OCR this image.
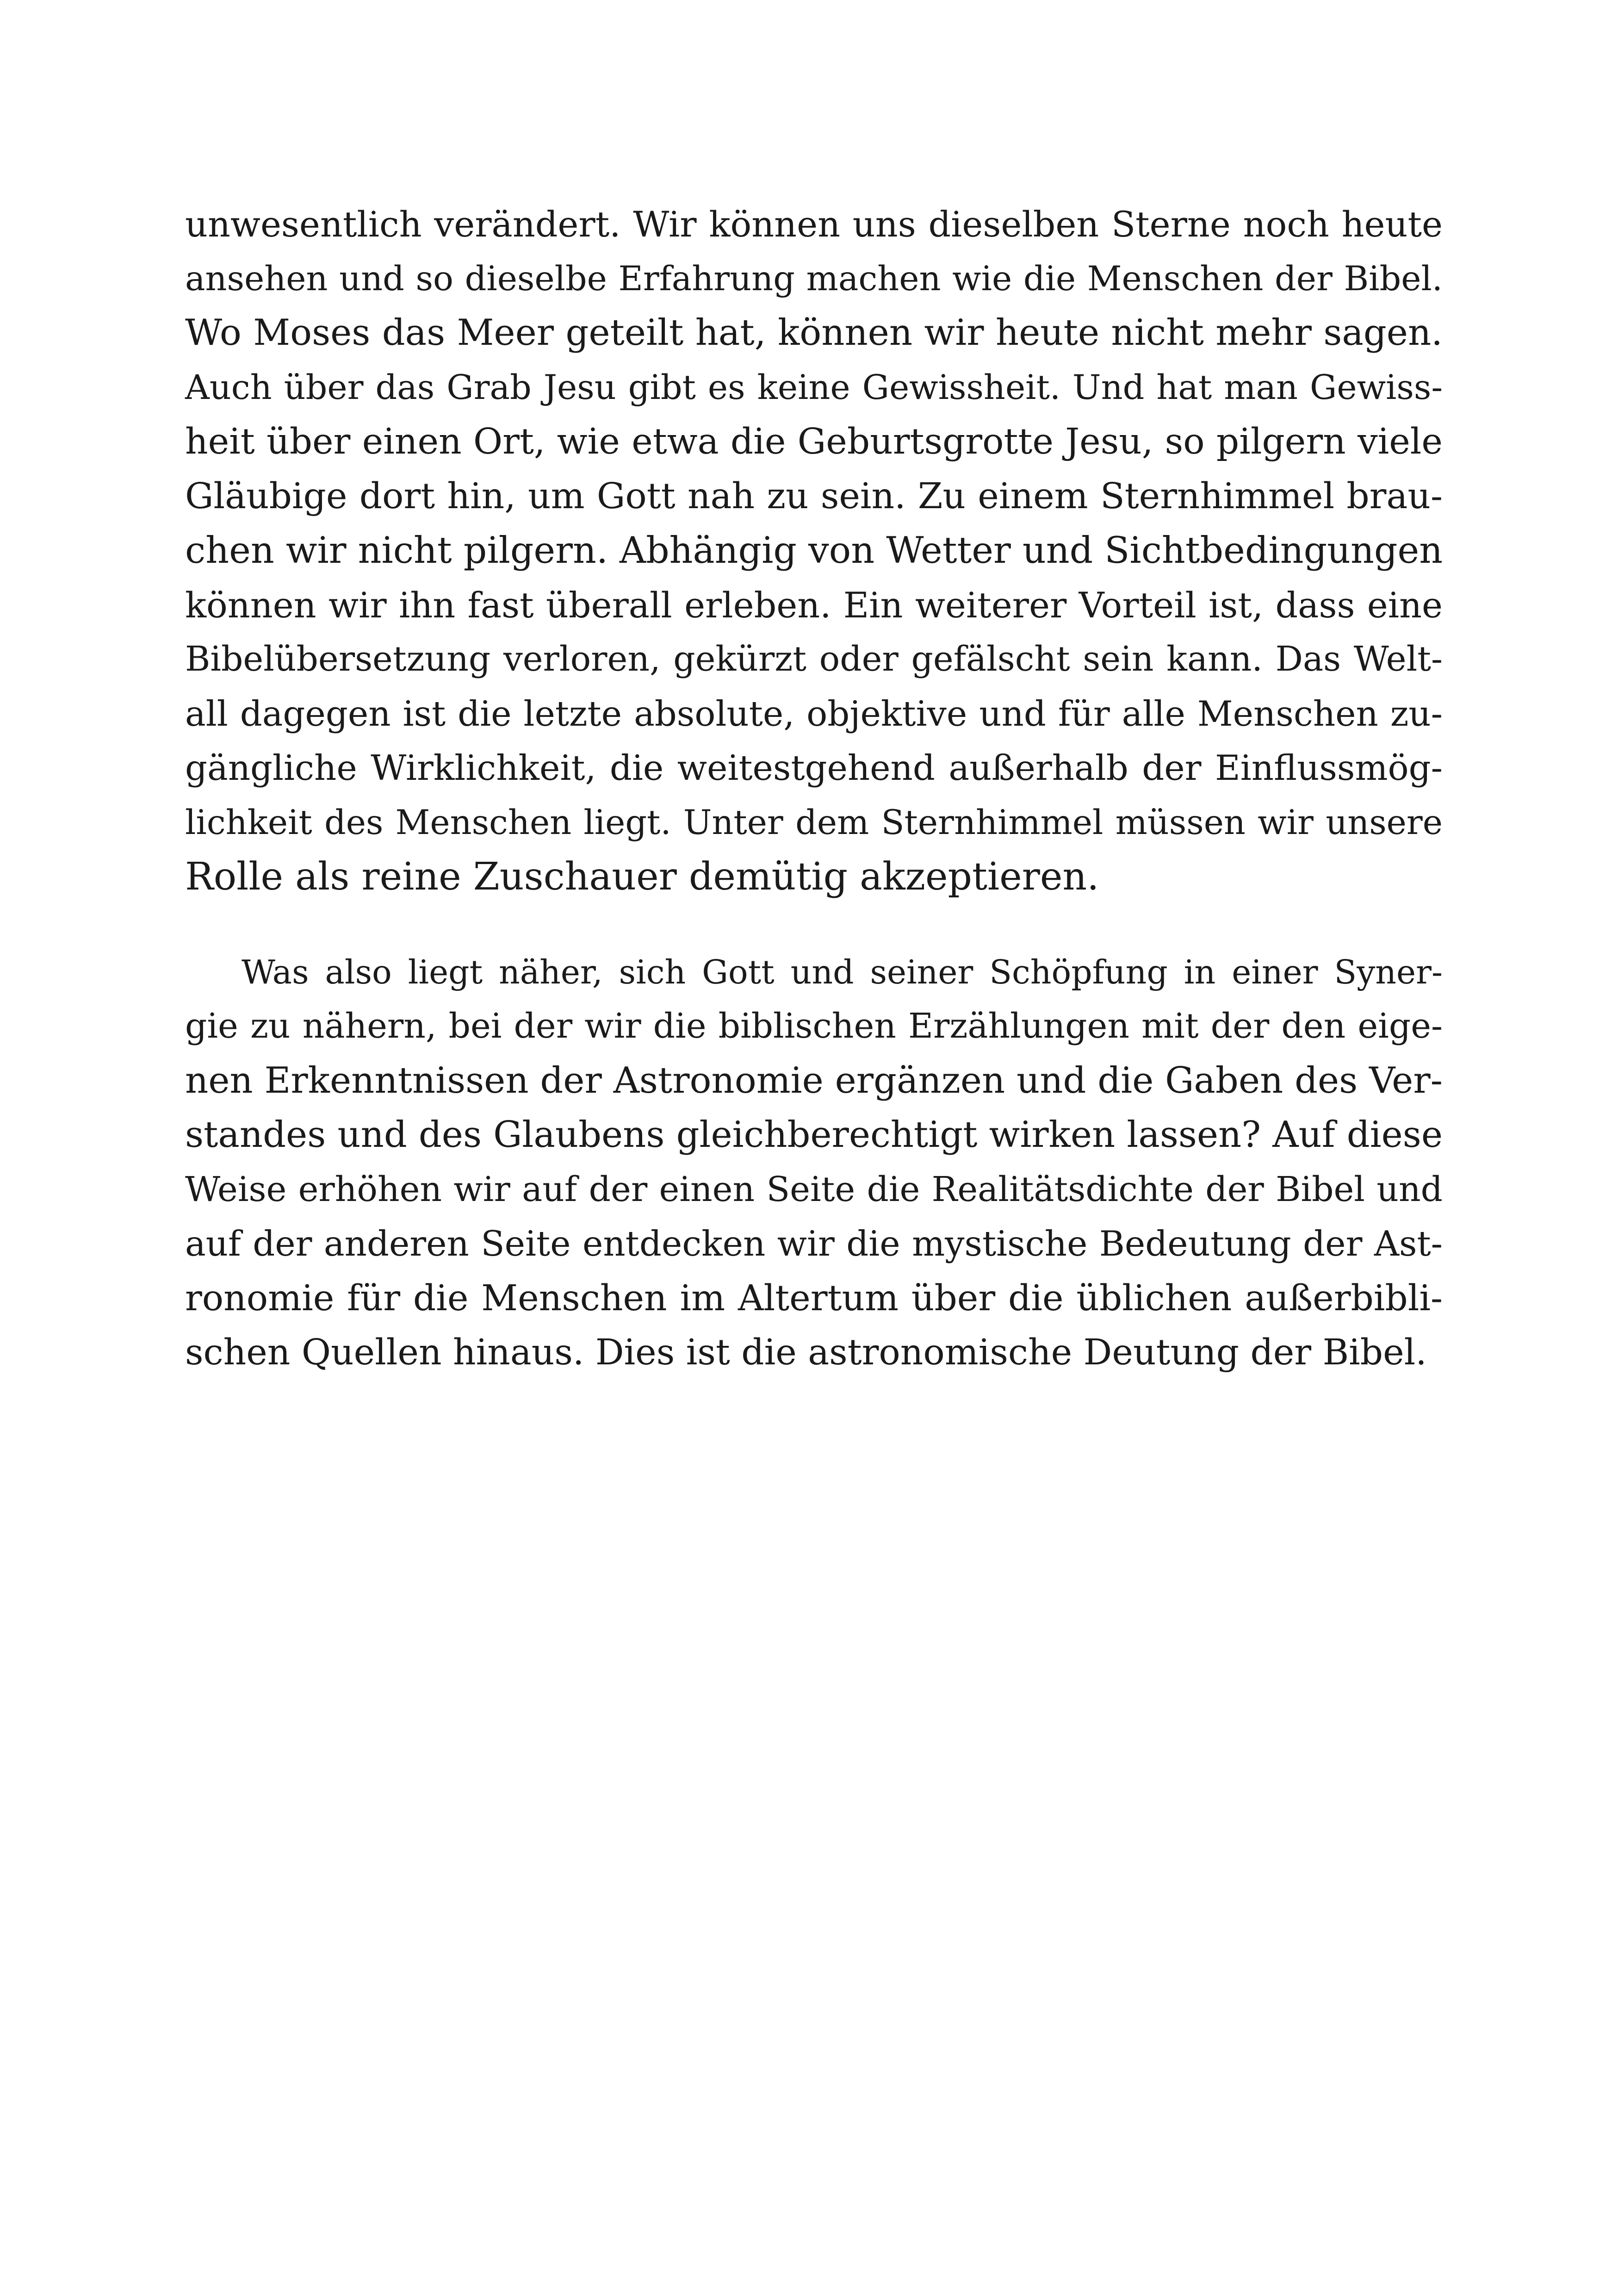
unwesentlich verändert. Wir können uns dieselben Sterne noch heute
ansehen und so dieselbe Erfahrung machen wie die Menschen der Bibel.
Wo Moses das Meer geteilt hat, können wir heute nicht mehr sagen.
Auch über das Grab Jesu gibt es keine Gewissheit. Und hat man Gewiss-
heit über einen Ort, wie etwa die Geburtsgrotte Jesu, so pilgern viele
Gläubige dort hin, um Gott nah zu sein. Zu einem Sternhimmel brau-
chen wir nicht pilgern. Abhängig von Wetter und Sichtbedingungen
können wir ihn fast überall erleben. Ein weiterer Vorteil ist, dass eine
Bibelübersetzung verloren, gekürzt oder gefälscht sein kann. Das Welt-
all dagegen ist die letzte absolute, objektive und für alle Menschen zu-
gängliche Wirklichkeit, die weitestgehend außerhalb der Einflussmög-
lichkeit des Menschen liegt. Unter dem Sternhimmel müssen wir unsere
Rolle als reine Zuschauer demütig akzeptieren.
Was also liegt näher, sich Gott und seiner Schöpfung in einer Syner-
gie zu nähern, bei der wir die biblischen Erzählungen mit der den eige-
nen Erkenntnissen der Astronomie ergänzen und die Gaben des Ver-
standes und des Glaubens gleichberechtigt wirken lassen? Auf diese
Weise erhöhen wir auf der einen Seite die Realitätsdichte der Bibel und
auf der anderen Seite entdecken wir die mystische Bedeutung der Ast-
ronomie für die Menschen im Altertum über die üblichen außerbibli-
schen Quellen hinaus. Dies ist die astronomische Deutung der Bibel.
